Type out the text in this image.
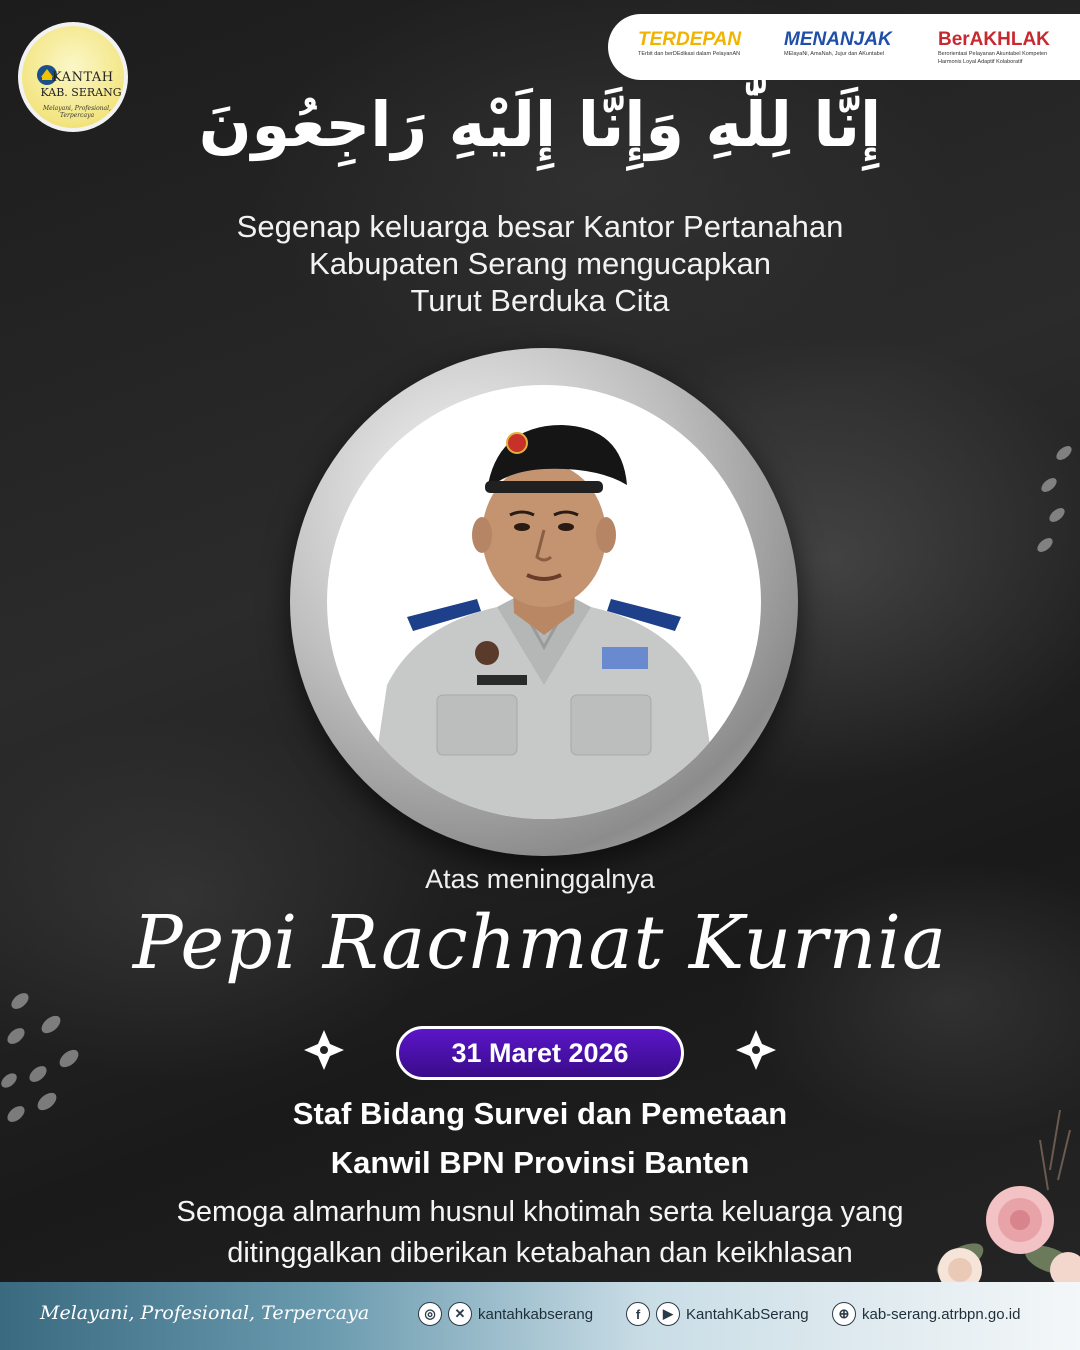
KANTAH
KAB. SERANG
Melayani, Profesional, Terpercaya
TERDEPAN
TErbit dan berDEdikasi dalam PelayanAN
MENANJAK
MElayaNi, AmaNah, Jujur dan AKuntabel
BerAKHLAK
Berorientasi Pelayanan Akuntabel Kompeten Harmonis Loyal Adaptif Kolaboratif
إِنَّا لِلَّٰهِ وَإِنَّا إِلَيْهِ رَاجِعُونَ
Segenap keluarga besar Kantor Pertanahan
Kabupaten Serang mengucapkan
Turut Berduka Cita
Atas meninggalnya
Pepi Rachmat Kurnia
31 Maret 2026
Staf Bidang Survei dan Pemetaan
Kanwil BPN Provinsi Banten
Semoga almarhum husnul khotimah serta keluarga yang
ditinggalkan diberikan ketabahan dan keikhlasan
Melayani, Profesional, Terpercaya	◎	✕ kantahkabserang	f	▶ KantahKabSerang	⊕ kab-serang.atrbpn.go.id
